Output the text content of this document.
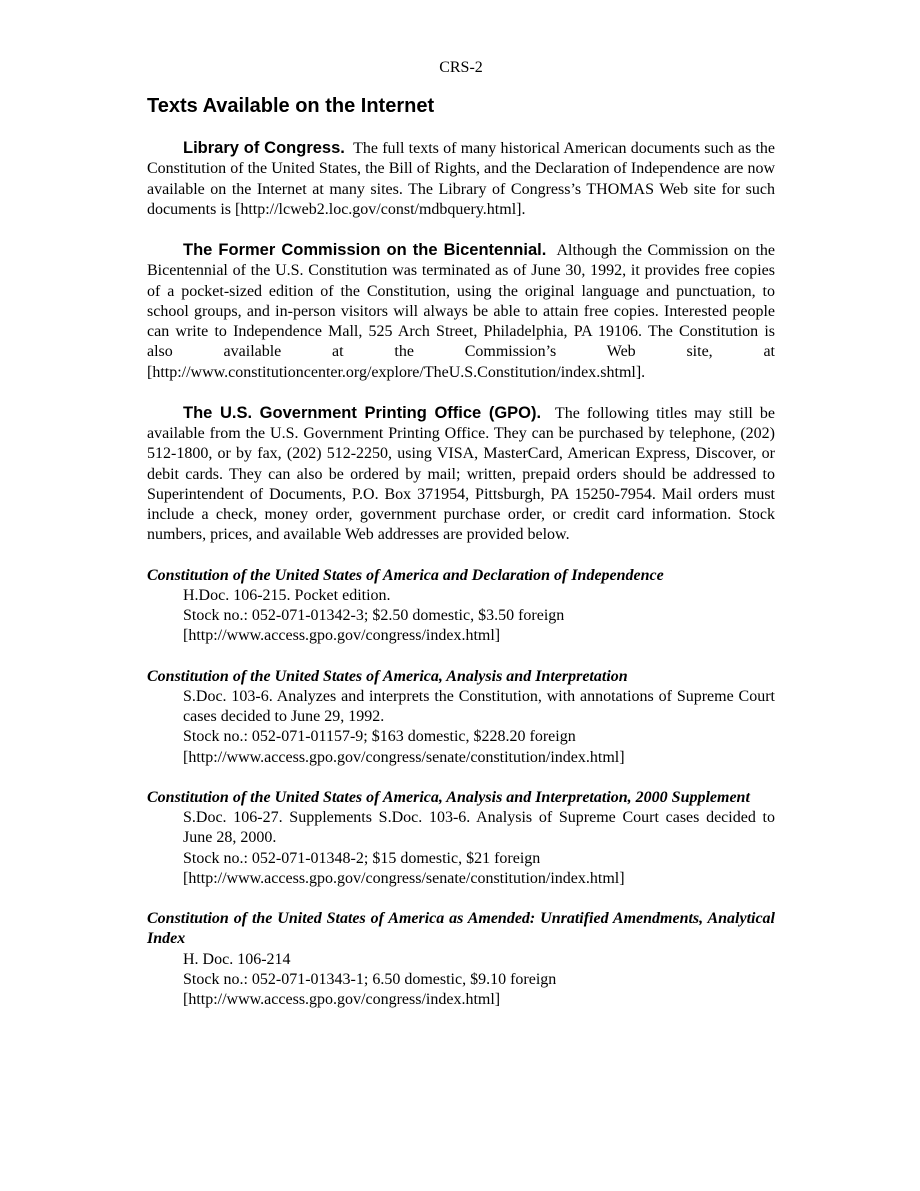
CRS-2
Texts Available on the Internet

Library of Congress. The full texts of many historical American documents such as the Constitution of the United States, the Bill of Rights, and the Declaration of Independence are now available on the Internet at many sites. The Library of Congress’s THOMAS Web site for such documents is [http://lcweb2.loc.gov/const/mdbquery.html].

The Former Commission on the Bicentennial. Although the Commission on the Bicentennial of the U.S. Constitution was terminated as of June 30, 1992, it provides free copies of a pocket-sized edition of the Constitution, using the original language and punctuation, to school groups, and in-person visitors will always be able to attain free copies. Interested people can write to Independence Mall, 525 Arch Street, Philadelphia, PA 19106. The Constitution is also available at the Commission’s Web site, at [http://www.constitutioncenter.org/explore/TheU.S.Constitution/index.shtml].

The U.S. Government Printing Office (GPO). The following titles may still be available from the U.S. Government Printing Office. They can be purchased by telephone, (202) 512-1800, or by fax, (202) 512-2250, using VISA, MasterCard, American Express, Discover, or debit cards. They can also be ordered by mail; written, prepaid orders should be addressed to Superintendent of Documents, P.O. Box 371954, Pittsburgh, PA 15250-7954. Mail orders must include a check, money order, government purchase order, or credit card information. Stock numbers, prices, and available Web addresses are provided below.

Constitution of the United States of America and Declaration of Independence
H.Doc. 106-215. Pocket edition.
Stock no.: 052-071-01342-3; $2.50 domestic, $3.50 foreign
[http://www.access.gpo.gov/congress/index.html]
Constitution of the United States of America, Analysis and Interpretation
S.Doc. 103-6. Analyzes and interprets the Constitution, with annotations of Supreme Court cases decided to June 29, 1992.
Stock no.: 052-071-01157-9; $163 domestic, $228.20 foreign
[http://www.access.gpo.gov/congress/senate/constitution/index.html]
Constitution of the United States of America, Analysis and Interpretation, 2000 Supplement
S.Doc. 106-27. Supplements S.Doc. 103-6. Analysis of Supreme Court cases decided to June 28, 2000.
Stock no.: 052-071-01348-2; $15 domestic, $21 foreign
[http://www.access.gpo.gov/congress/senate/constitution/index.html]
Constitution of the United States of America as Amended: Unratified Amendments, Analytical Index
H. Doc. 106-214
Stock no.: 052-071-01343-1; 6.50 domestic, $9.10 foreign
[http://www.access.gpo.gov/congress/index.html]
